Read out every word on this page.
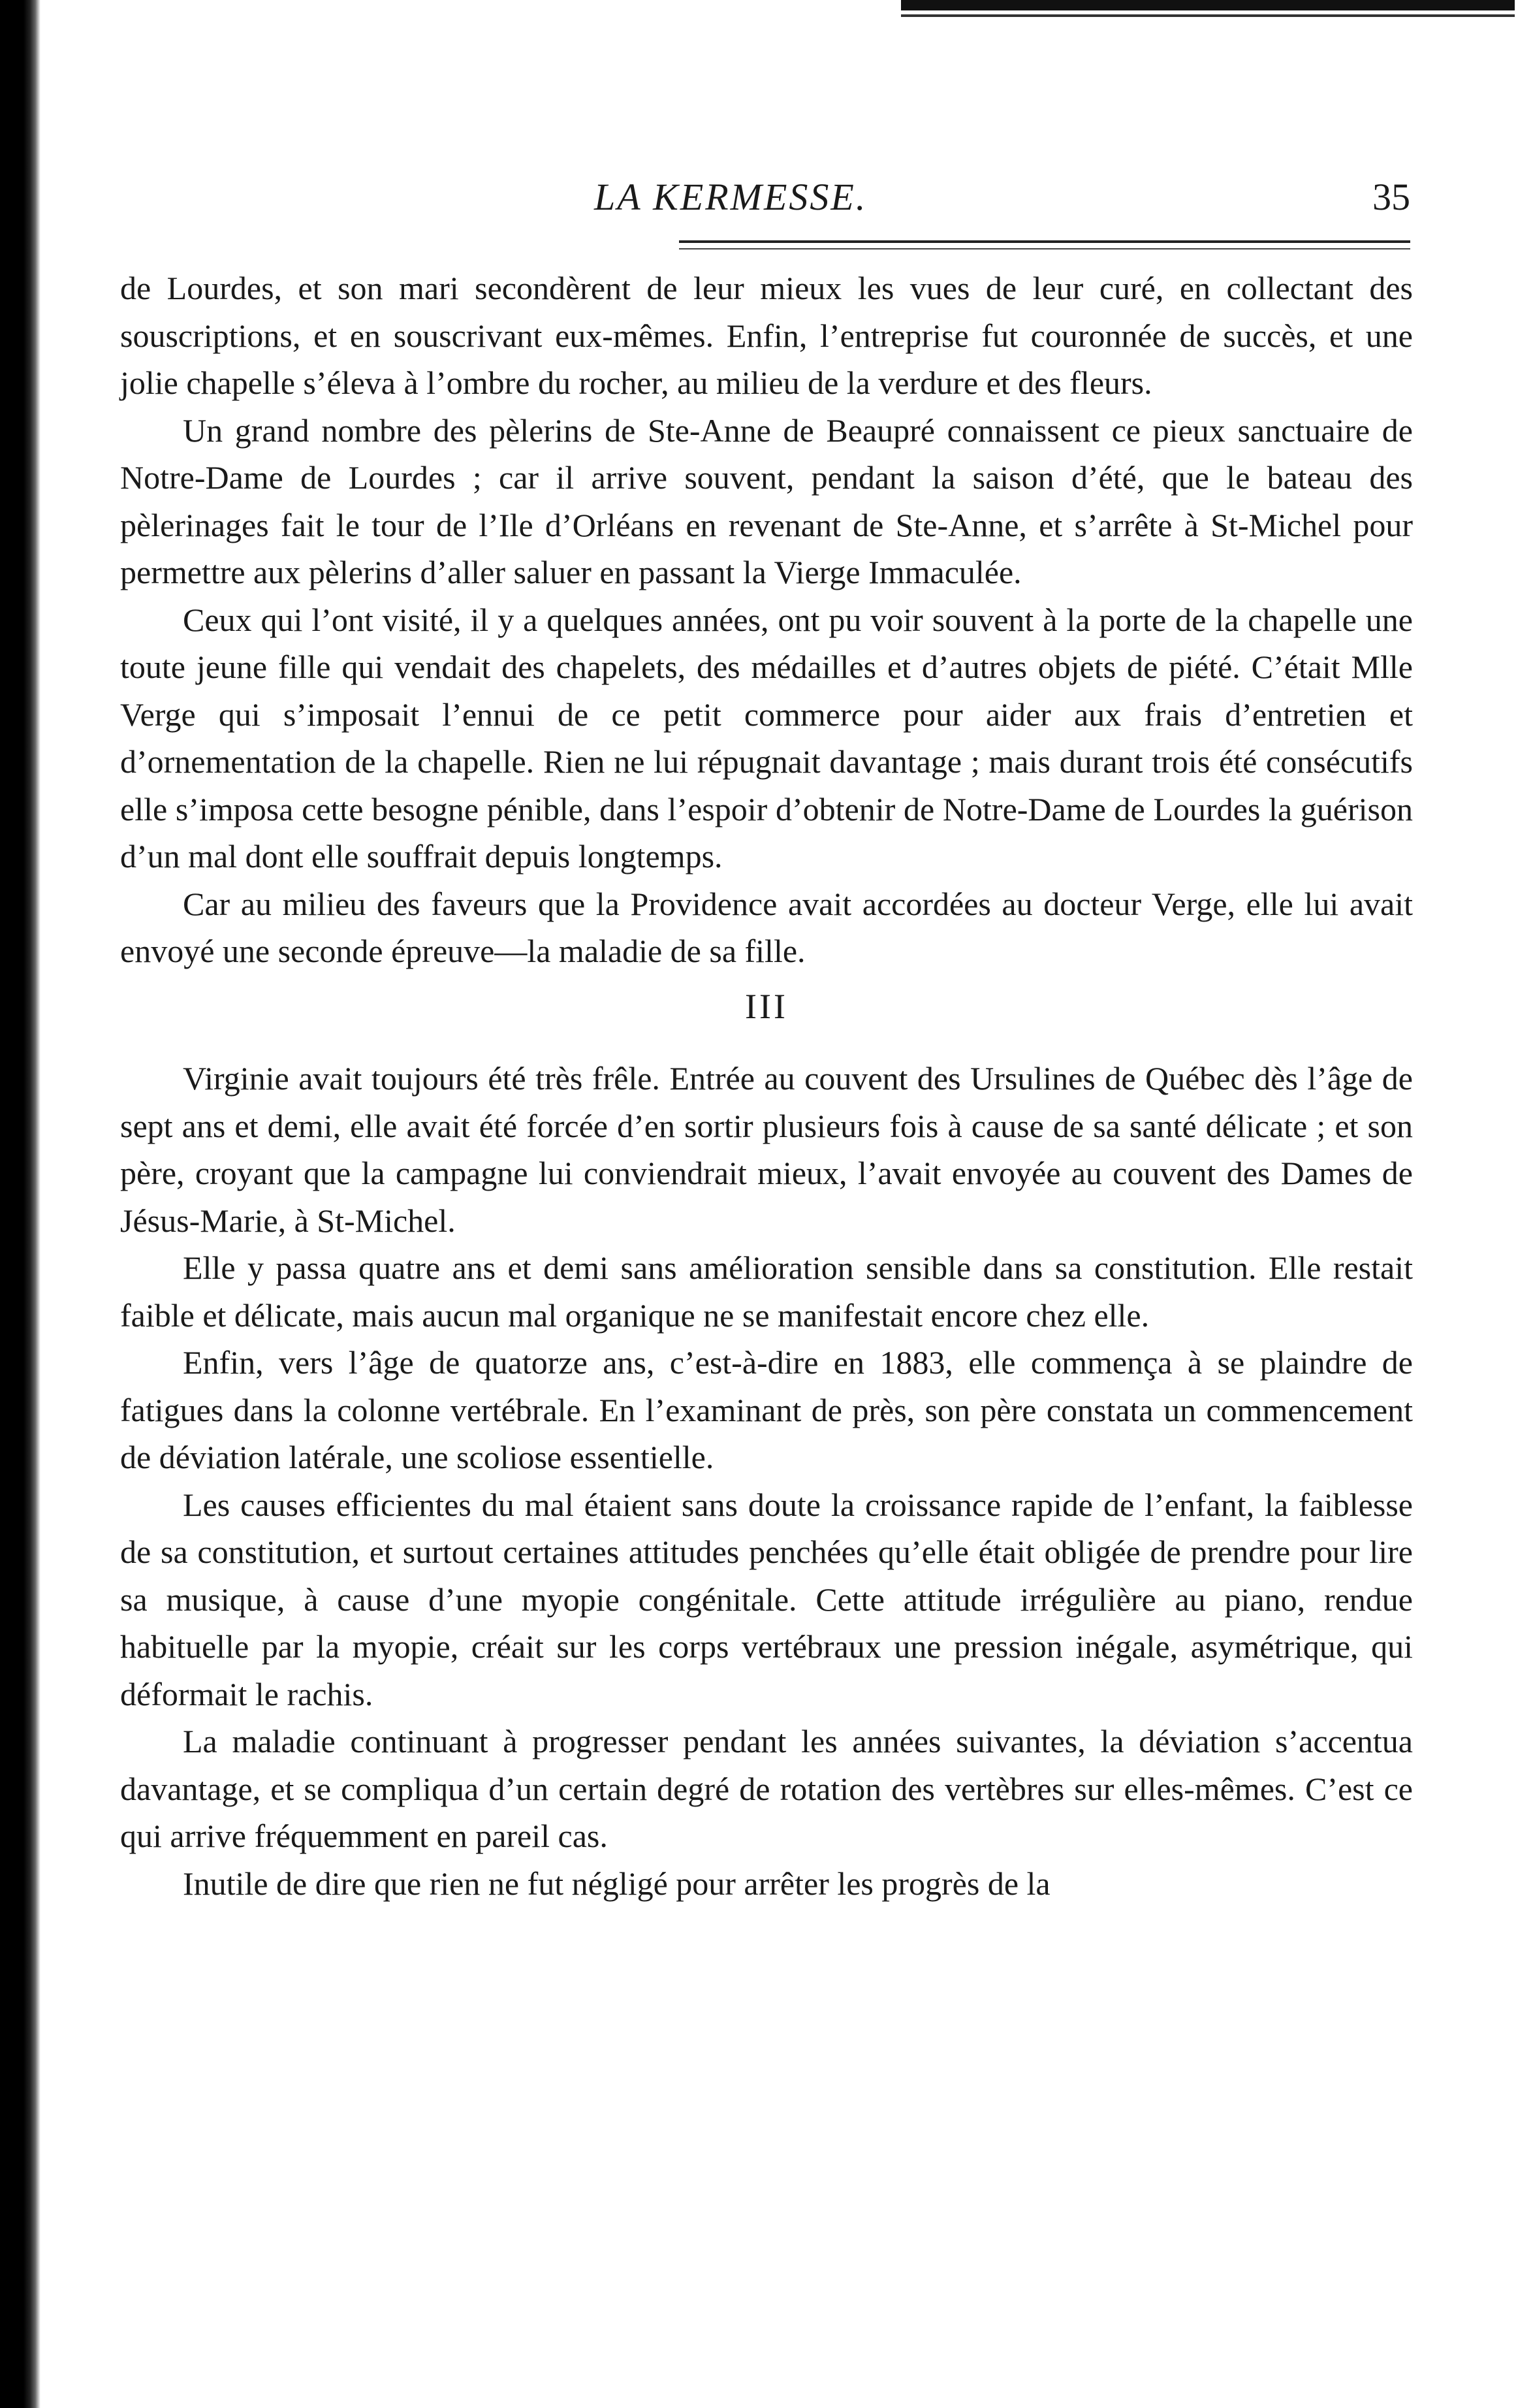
LA KERMESSE.	35

de Lourdes, et son mari secondèrent de leur mieux les vues de leur curé, en collectant des souscriptions, et en souscrivant eux-mêmes. Enfin, l’entreprise fut couronnée de succès, et une jolie chapelle s’éleva à l’ombre du rocher, au milieu de la verdure et des fleurs.

Un grand nombre des pèlerins de Ste-Anne de Beaupré connaissent ce pieux sanctuaire de Notre-Dame de Lourdes ; car il arrive souvent, pendant la saison d’été, que le bateau des pèlerinages fait le tour de l’Ile d’Orléans en revenant de Ste-Anne, et s’arrête à St-Michel pour permettre aux pèlerins d’aller saluer en passant la Vierge Immaculée.

Ceux qui l’ont visité, il y a quelques années, ont pu voir souvent à la porte de la chapelle une toute jeune fille qui vendait des chapelets, des médailles et d’autres objets de piété. C’était Mlle Verge qui s’imposait l’ennui de ce petit commerce pour aider aux frais d’entretien et d’ornementation de la chapelle. Rien ne lui répugnait davantage ; mais durant trois été consécutifs elle s’imposa cette besogne pénible, dans l’espoir d’obtenir de Notre-Dame de Lourdes la guérison d’un mal dont elle souffrait depuis longtemps.

Car au milieu des faveurs que la Providence avait accordées au docteur Verge, elle lui avait envoyé une seconde épreuve—la maladie de sa fille.

III

Virginie avait toujours été très frêle. Entrée au couvent des Ursulines de Québec dès l’âge de sept ans et demi, elle avait été forcée d’en sortir plusieurs fois à cause de sa santé délicate ; et son père, croyant que la campagne lui conviendrait mieux, l’avait envoyée au couvent des Dames de Jésus-Marie, à St-Michel.

Elle y passa quatre ans et demi sans amélioration sensible dans sa constitution. Elle restait faible et délicate, mais aucun mal organique ne se manifestait encore chez elle.

Enfin, vers l’âge de quatorze ans, c’est-à-dire en 1883, elle commença à se plaindre de fatigues dans la colonne vertébrale. En l’examinant de près, son père constata un commencement de déviation latérale, une scoliose essentielle.

Les causes efficientes du mal étaient sans doute la croissance rapide de l’enfant, la faiblesse de sa constitution, et surtout certaines attitudes penchées qu’elle était obligée de prendre pour lire sa musique, à cause d’une myopie congénitale. Cette attitude irrégulière au piano, rendue habituelle par la myopie, créait sur les corps vertébraux une pression inégale, asymétrique, qui déformait le rachis.

La maladie continuant à progresser pendant les années suivantes, la déviation s’accentua davantage, et se compliqua d’un certain degré de rotation des vertèbres sur elles-mêmes. C’est ce qui arrive fréquemment en pareil cas.

Inutile de dire que rien ne fut négligé pour arrêter les progrès de la
